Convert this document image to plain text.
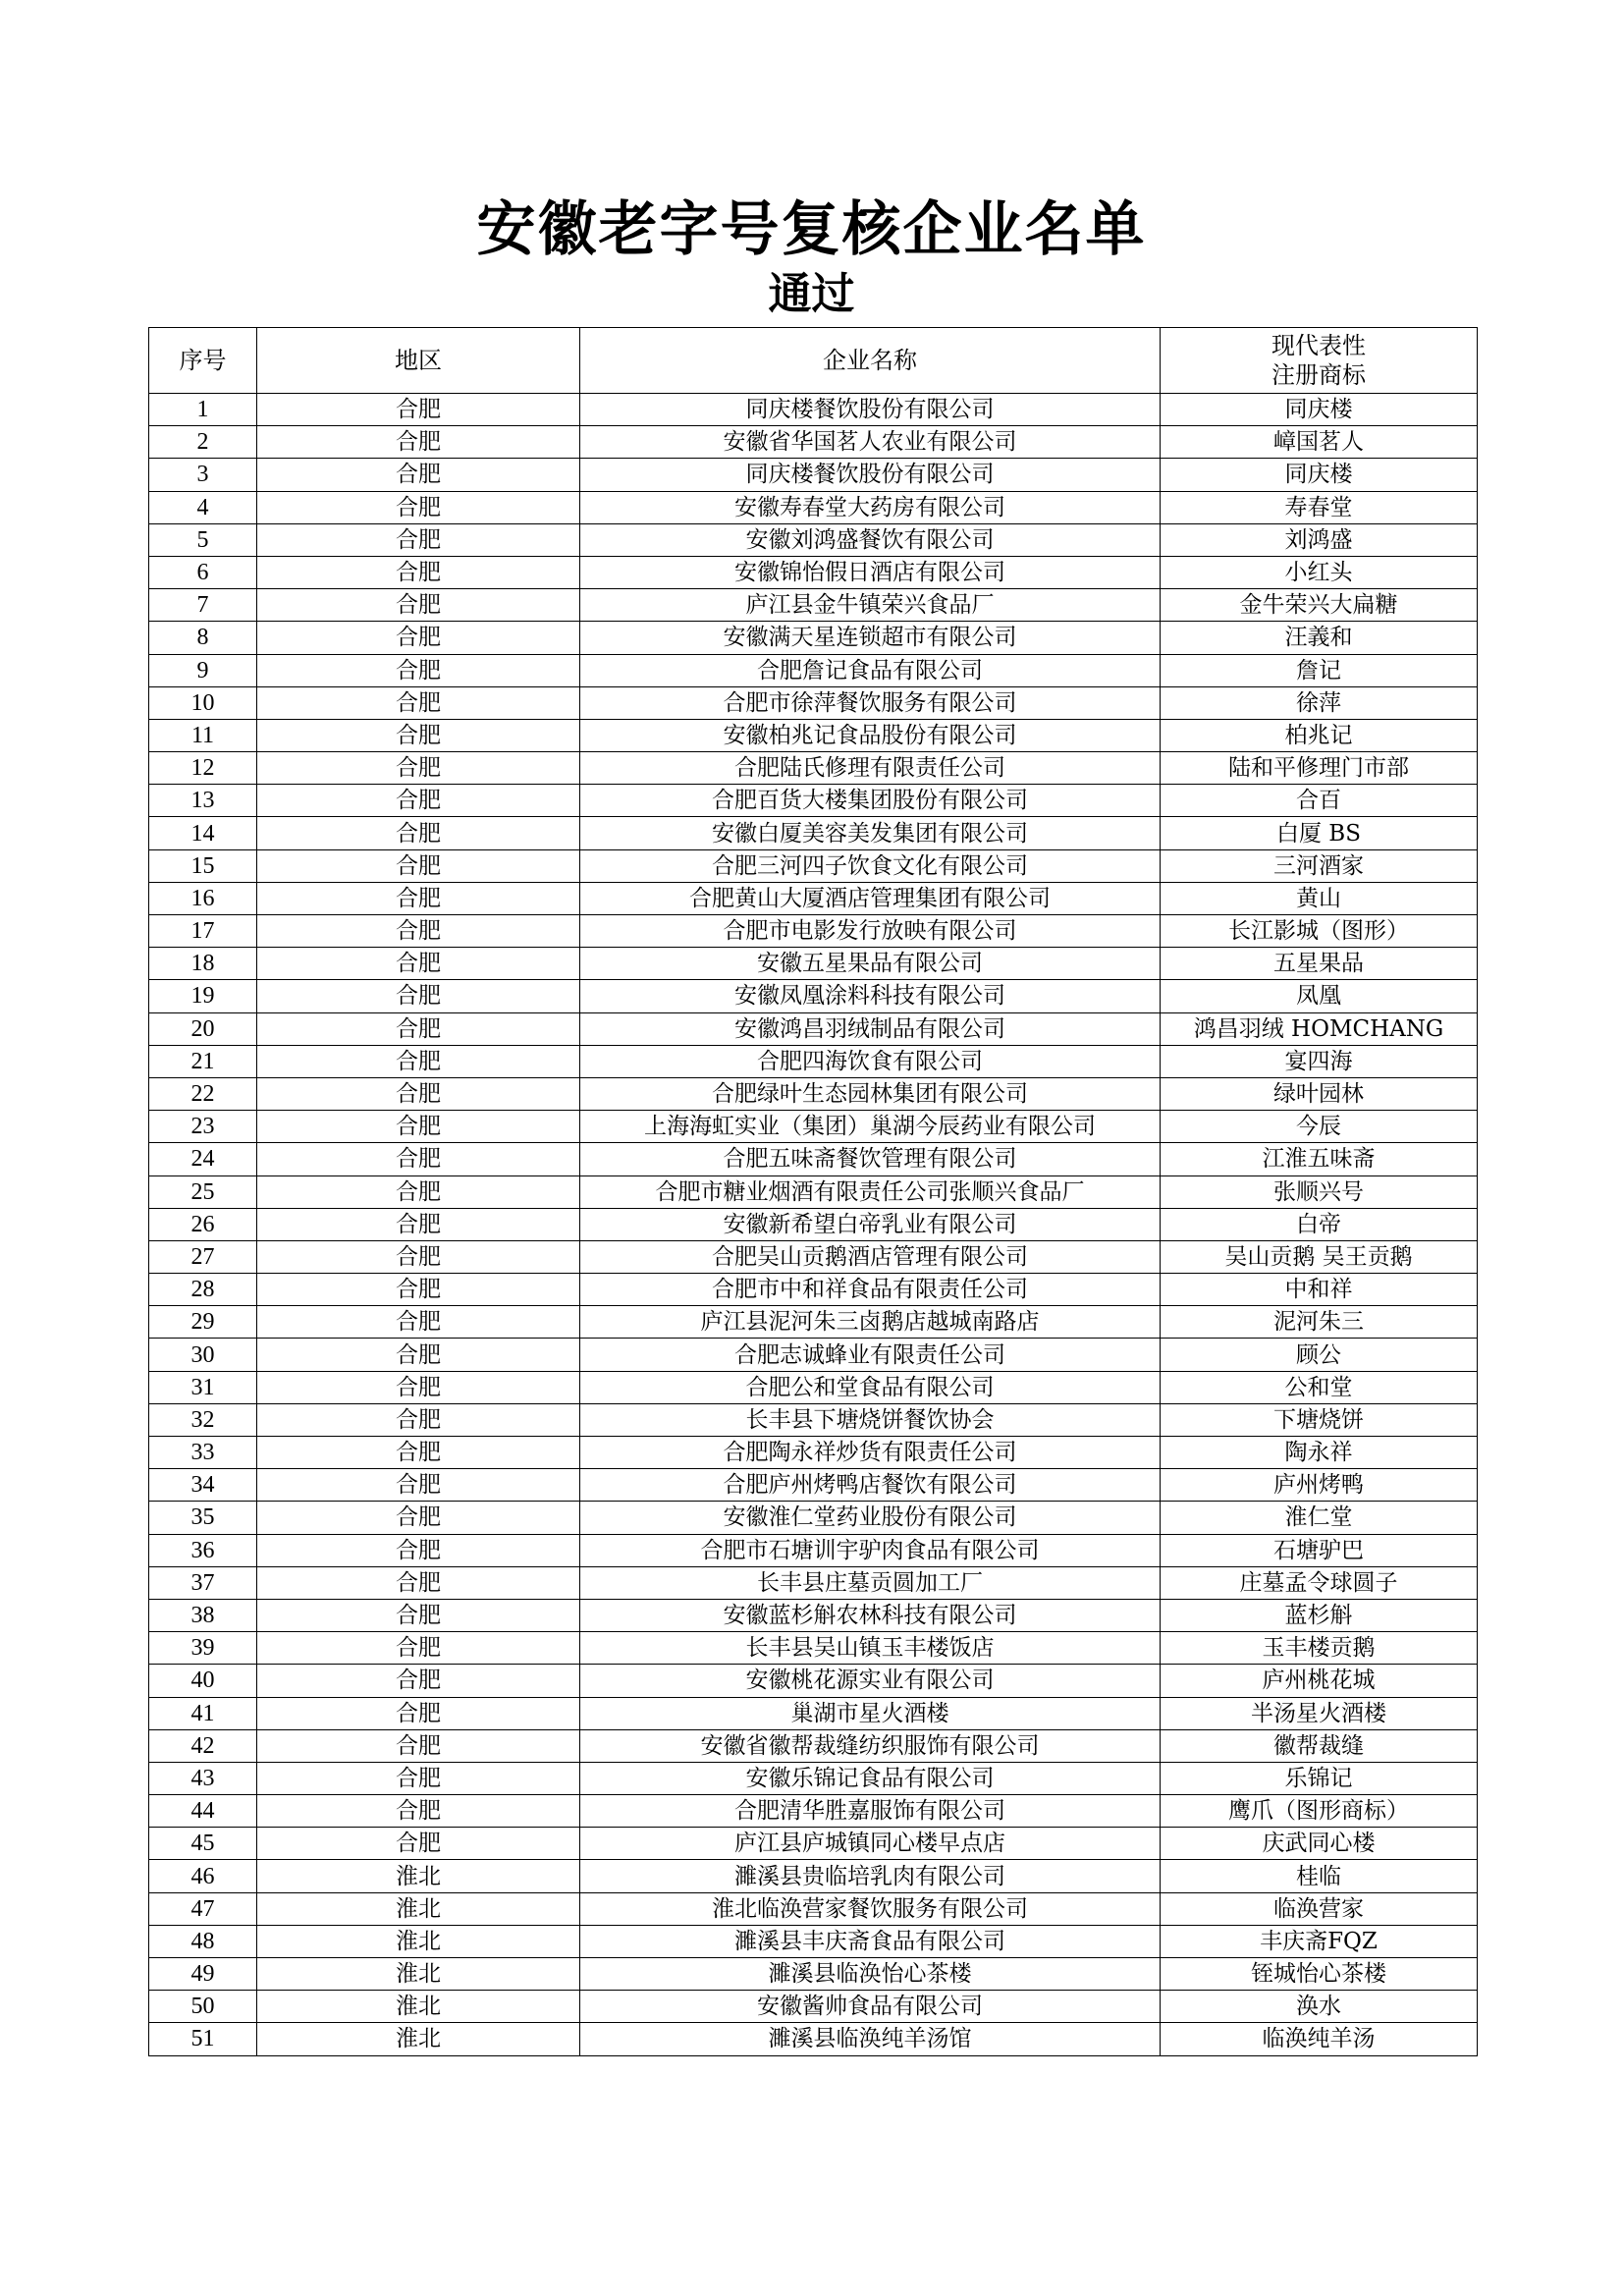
安徽老字号复核企业名单
通过
序号	地区	企业名称	现代表性
注册商标

1	合肥	同庆楼餐饮股份有限公司	同庆楼
2	合肥	安徽省华国茗人农业有限公司	嶂国茗人
3	合肥	同庆楼餐饮股份有限公司	同庆楼
4	合肥	安徽寿春堂大药房有限公司	寿春堂
5	合肥	安徽刘鸿盛餐饮有限公司	刘鸿盛
6	合肥	安徽锦怡假日酒店有限公司	小红头
7	合肥	庐江县金牛镇荣兴食品厂	金牛荣兴大扁糖
8	合肥	安徽满天星连锁超市有限公司	汪義和
9	合肥	合肥詹记食品有限公司	詹记
10	合肥	合肥市徐萍餐饮服务有限公司	徐萍
11	合肥	安徽柏兆记食品股份有限公司	柏兆记
12	合肥	合肥陆氏修理有限责任公司	陆和平修理门市部
13	合肥	合肥百货大楼集团股份有限公司	合百
14	合肥	安徽白厦美容美发集团有限公司	白厦 BS
15	合肥	合肥三河四子饮食文化有限公司	三河酒家
16	合肥	合肥黄山大厦酒店管理集团有限公司	黄山
17	合肥	合肥市电影发行放映有限公司	长江影城（图形）
18	合肥	安徽五星果品有限公司	五星果品
19	合肥	安徽凤凰涂料科技有限公司	凤凰
20	合肥	安徽鸿昌羽绒制品有限公司	鸿昌羽绒 HOMCHANG
21	合肥	合肥四海饮食有限公司	宴四海
22	合肥	合肥绿叶生态园林集团有限公司	绿叶园林
23	合肥	上海海虹实业（集团）巢湖今辰药业有限公司	今辰
24	合肥	合肥五味斋餐饮管理有限公司	江淮五味斋
25	合肥	合肥市糖业烟酒有限责任公司张顺兴食品厂	张顺兴号
26	合肥	安徽新希望白帝乳业有限公司	白帝
27	合肥	合肥吴山贡鹅酒店管理有限公司	吴山贡鹅 吴王贡鹅
28	合肥	合肥市中和祥食品有限责任公司	中和祥
29	合肥	庐江县泥河朱三卤鹅店越城南路店	泥河朱三
30	合肥	合肥志诚蜂业有限责任公司	顾公
31	合肥	合肥公和堂食品有限公司	公和堂
32	合肥	长丰县下塘烧饼餐饮协会	下塘烧饼
33	合肥	合肥陶永祥炒货有限责任公司	陶永祥
34	合肥	合肥庐州烤鸭店餐饮有限公司	庐州烤鸭
35	合肥	安徽淮仁堂药业股份有限公司	淮仁堂
36	合肥	合肥市石塘训宇驴肉食品有限公司	石塘驴巴
37	合肥	长丰县庄墓贡圆加工厂	庄墓孟令球圆子
38	合肥	安徽蓝杉斛农林科技有限公司	蓝杉斛
39	合肥	长丰县吴山镇玉丰楼饭店	玉丰楼贡鹅
40	合肥	安徽桃花源实业有限公司	庐州桃花城
41	合肥	巢湖市星火酒楼	半汤星火酒楼
42	合肥	安徽省徽帮裁缝纺织服饰有限公司	徽帮裁缝
43	合肥	安徽乐锦记食品有限公司	乐锦记
44	合肥	合肥清华胜嘉服饰有限公司	鹰爪（图形商标）
45	合肥	庐江县庐城镇同心楼早点店	庆武同心楼
46	淮北	濉溪县贵临培乳肉有限公司	桂临
47	淮北	淮北临涣营家餐饮服务有限公司	临涣营家
48	淮北	濉溪县丰庆斋食品有限公司	丰庆斋FQZ
49	淮北	濉溪县临涣怡心茶楼	铚城怡心茶楼
50	淮北	安徽酱帅食品有限公司	涣水
51	淮北	濉溪县临涣纯羊汤馆	临涣纯羊汤
